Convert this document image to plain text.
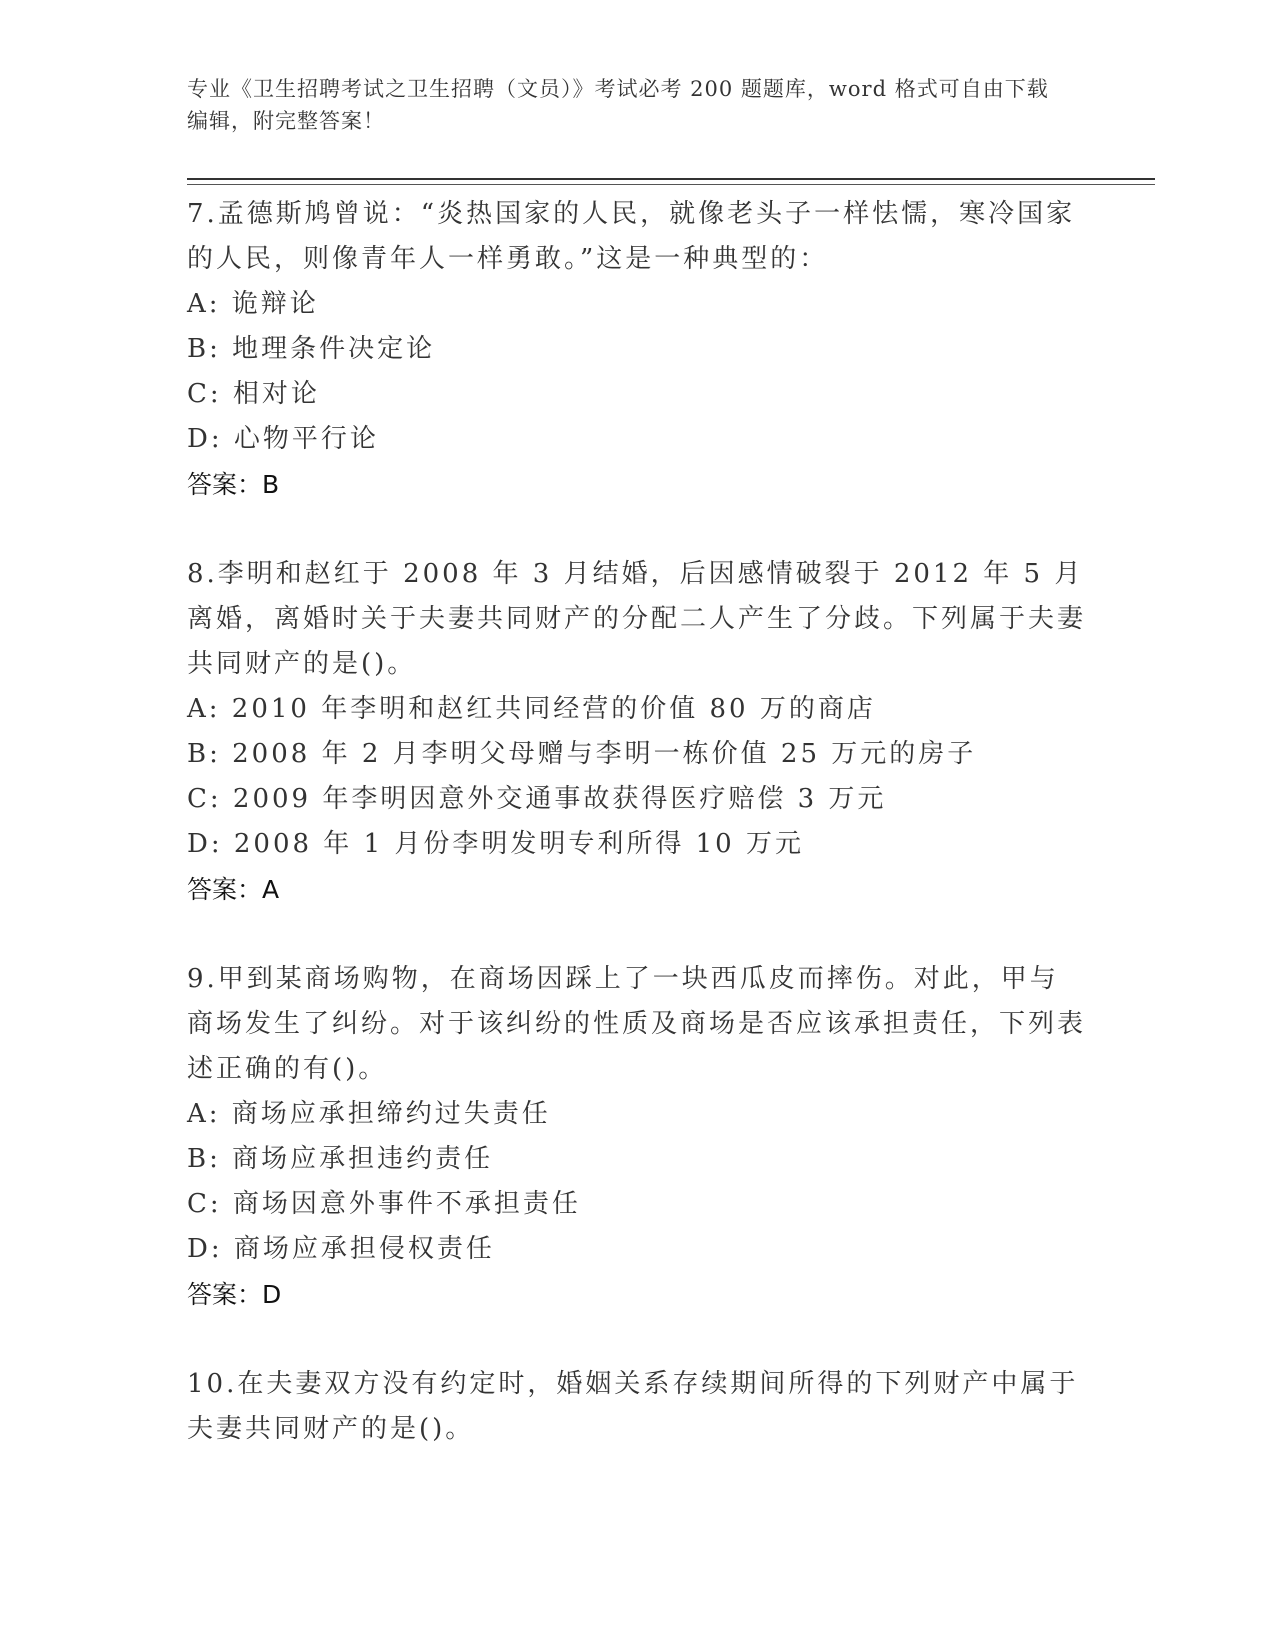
专业《卫生招聘考试之卫生招聘（文员）》考试必考 200 题题库，word 格式可自由下载编辑，附完整答案！
7.孟德斯鸠曾说：“炎热国家的人民，就像老头子一样怯懦，寒冷国家的人民，则像青年人一样勇敢。”这是一种典型的：
A: 诡辩论
B: 地理条件决定论
C: 相对论
D: 心物平行论
答案：B
8.李明和赵红于 2008 年 3 月结婚，后因感情破裂于 2012 年 5 月离婚，离婚时关于夫妻共同财产的分配二人产生了分歧。下列属于夫妻共同财产的是()。
A: 2010 年李明和赵红共同经营的价值 80 万的商店
B: 2008 年 2 月李明父母赠与李明一栋价值 25 万元的房子
C: 2009 年李明因意外交通事故获得医疗赔偿 3 万元
D: 2008 年 1 月份李明发明专利所得 10 万元
答案：A
9.甲到某商场购物，在商场因踩上了一块西瓜皮而摔伤。对此，甲与商场发生了纠纷。对于该纠纷的性质及商场是否应该承担责任，下列表述正确的有()。
A: 商场应承担缔约过失责任
B: 商场应承担违约责任
C: 商场因意外事件不承担责任
D: 商场应承担侵权责任
答案：D
10.在夫妻双方没有约定时，婚姻关系存续期间所得的下列财产中属于夫妻共同财产的是()。
